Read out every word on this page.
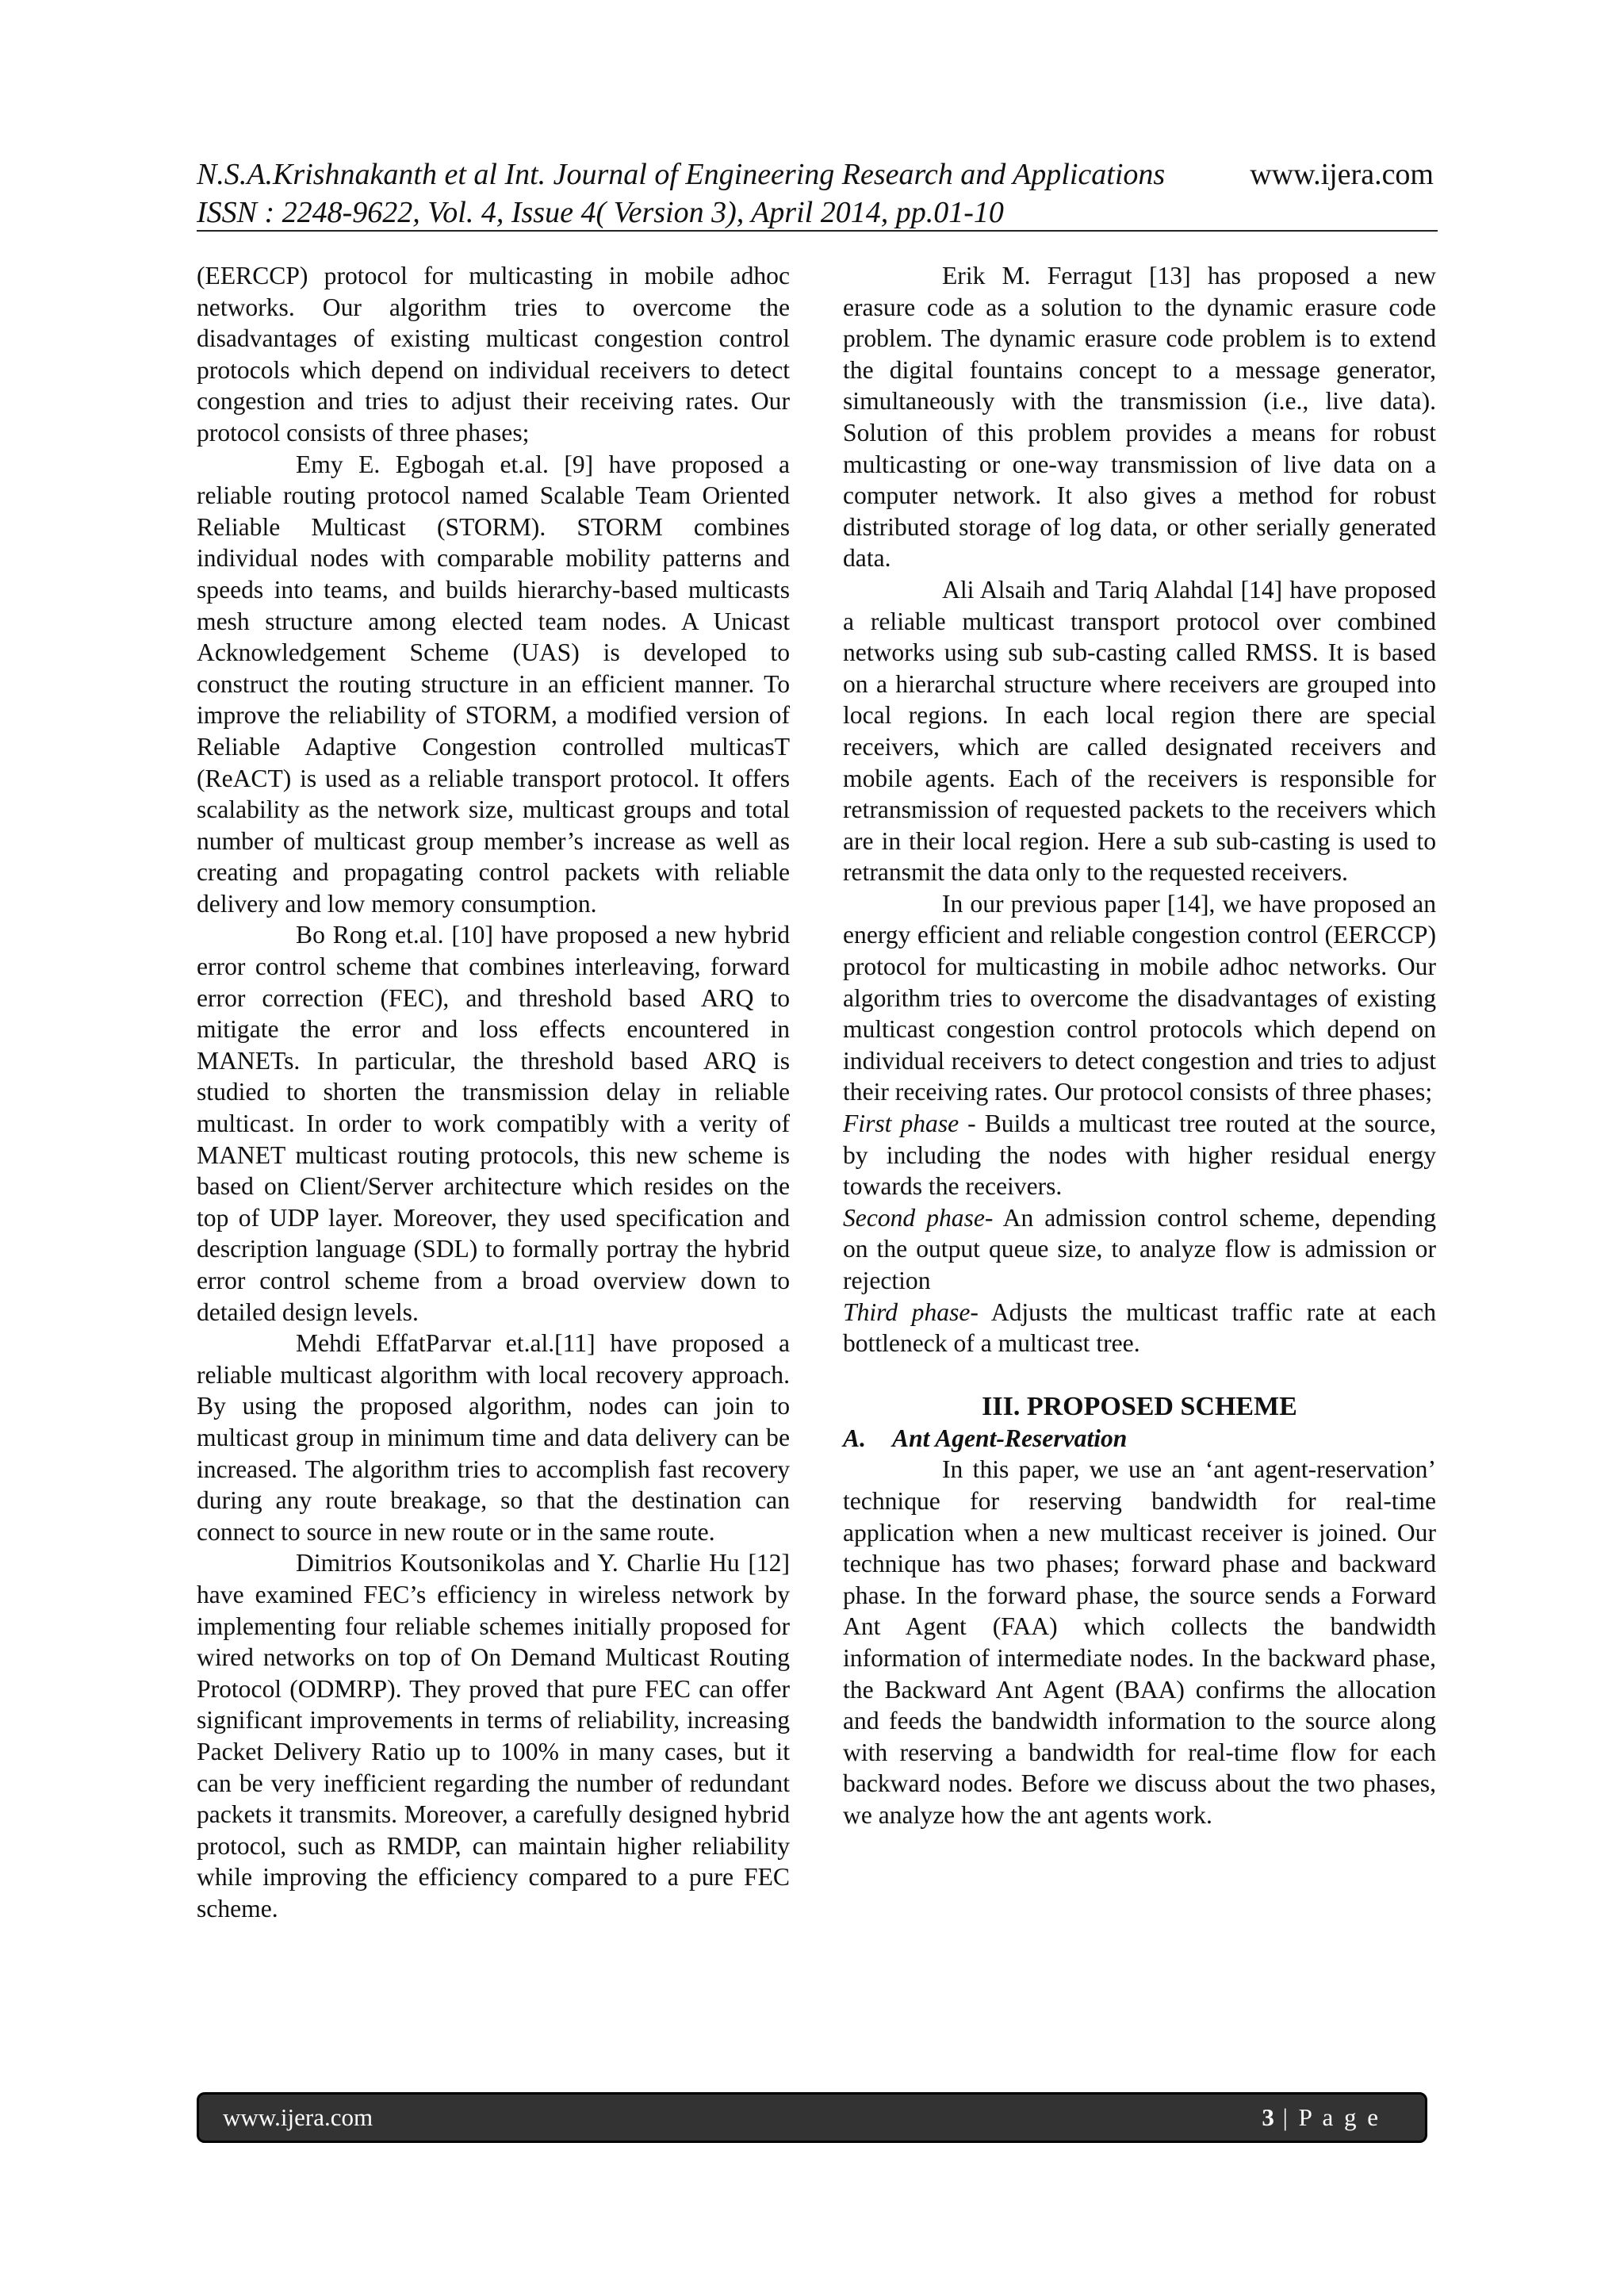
N.S.A.Krishnakanth et al Int. Journal of Engineering Research and Applications	www.ijera.com
ISSN : 2248-9622, Vol. 4, Issue 4( Version 3), April 2014, pp.01-10

(EERCCP) protocol for multicasting in mobile adhoc networks. Our algorithm tries to overcome the disadvantages of existing multicast congestion control protocols which depend on individual receivers to detect congestion and tries to adjust their receiving rates. Our protocol consists of three phases;

Emy E. Egbogah et.al. [9] have proposed a reliable routing protocol named Scalable Team Oriented Reliable Multicast (STORM). STORM combines individual nodes with comparable mobility patterns and speeds into teams, and builds hierarchy-based multicasts mesh structure among elected team nodes. A Unicast Acknowledgement Scheme (UAS) is developed to construct the routing structure in an efficient manner. To improve the reliability of STORM, a modified version of Reliable Adaptive Congestion controlled multicasT (ReACT) is used as a reliable transport protocol. It offers scalability as the network size, multicast groups and total number of multicast group member’s increase as well as creating and propagating control packets with reliable delivery and low memory consumption.

Bo Rong et.al. [10] have proposed a new hybrid error control scheme that combines interleaving, forward error correction (FEC), and threshold based ARQ to mitigate the error and loss effects encountered in MANETs. In particular, the threshold based ARQ is studied to shorten the transmission delay in reliable multicast. In order to work compatibly with a verity of MANET multicast routing protocols, this new scheme is based on Client/Server architecture which resides on the top of UDP layer. Moreover, they used specification and description language (SDL) to formally portray the hybrid error control scheme from a broad overview down to detailed design levels.

Mehdi EffatParvar et.al.[11] have proposed a reliable multicast algorithm with local recovery approach. By using the proposed algorithm, nodes can join to multicast group in minimum time and data delivery can be increased. The algorithm tries to accomplish fast recovery during any route breakage, so that the destination can connect to source in new route or in the same route.

Dimitrios Koutsonikolas and Y. Charlie Hu [12] have examined FEC’s efficiency in wireless network by implementing four reliable schemes initially proposed for wired networks on top of On Demand Multicast Routing Protocol (ODMRP). They proved that pure FEC can offer significant improvements in terms of reliability, increasing Packet Delivery Ratio up to 100% in many cases, but it can be very inefficient regarding the number of redundant packets it transmits. Moreover, a carefully designed hybrid protocol, such as RMDP, can maintain higher reliability while improving the efficiency compared to a pure FEC scheme.

Erik M. Ferragut [13] has proposed a new erasure code as a solution to the dynamic erasure code problem. The dynamic erasure code problem is to extend the digital fountains concept to a message generator, simultaneously with the transmission (i.e., live data). Solution of this problem provides a means for robust multicasting or one-way transmission of live data on a computer network. It also gives a method for robust distributed storage of log data, or other serially generated data.

Ali Alsaih and Tariq Alahdal [14] have proposed a reliable multicast transport protocol over combined networks using sub sub-casting called RMSS. It is based on a hierarchal structure where receivers are grouped into local regions. In each local region there are special receivers, which are called designated receivers and mobile agents. Each of the receivers is responsible for retransmission of requested packets to the receivers which are in their local region. Here a sub sub-casting is used to retransmit the data only to the requested receivers.

In our previous paper [14], we have proposed an energy efficient and reliable congestion control (EERCCP) protocol for multicasting in mobile adhoc networks. Our algorithm tries to overcome the disadvantages of existing multicast congestion control protocols which depend on individual receivers to detect congestion and tries to adjust their receiving rates. Our protocol consists of three phases;

First phase - Builds a multicast tree routed at the source, by including the nodes with higher residual energy towards the receivers.

Second phase- An admission control scheme, depending on the output queue size, to analyze flow is admission or rejection

Third phase- Adjusts the multicast traffic rate at each bottleneck of a multicast tree.

III. PROPOSED SCHEME

A.	Ant Agent-Reservation

In this paper, we use an ‘ant agent-reservation’ technique for reserving bandwidth for real-time application when a new multicast receiver is joined. Our technique has two phases; forward phase and backward phase. In the forward phase, the source sends a Forward Ant Agent (FAA) which collects the bandwidth information of intermediate nodes. In the backward phase, the Backward Ant Agent (BAA) confirms the allocation and feeds the bandwidth information to the source along with reserving a bandwidth for real-time flow for each backward nodes. Before we discuss about the two phases, we analyze how the ant agents work.

www.ijera.com	3 | P a g e
